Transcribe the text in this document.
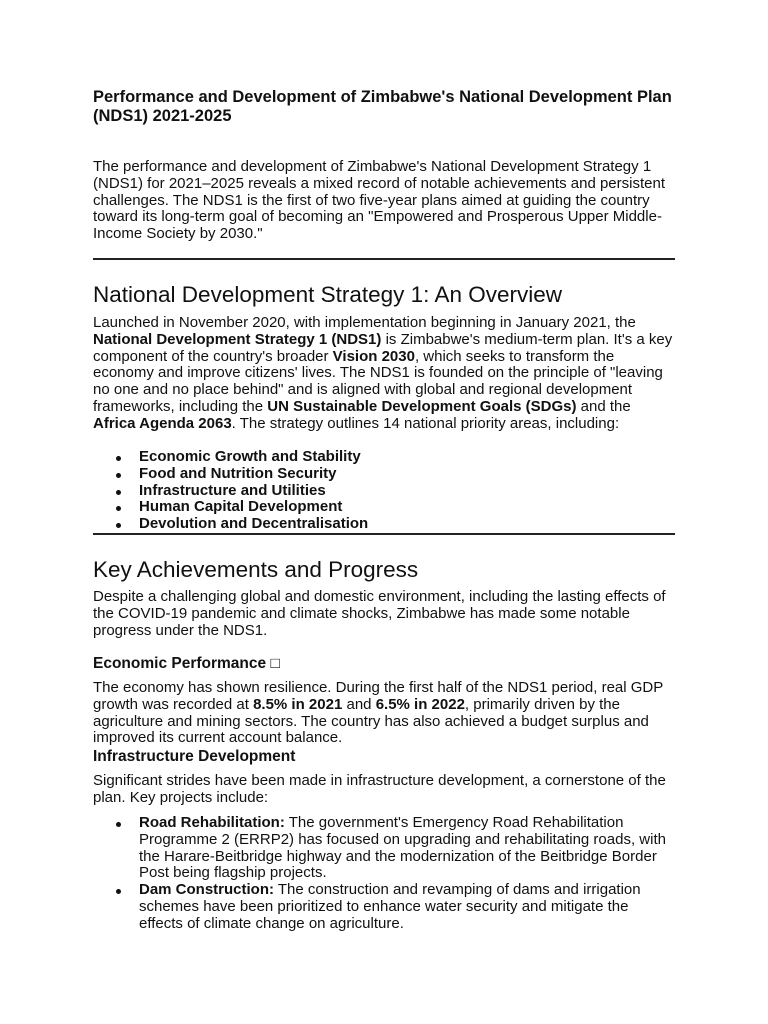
Performance and Development of Zimbabwe's National Development Plan (NDS1) 2021-2025

The performance and development of Zimbabwe's National Development Strategy 1 (NDS1) for 2021–2025 reveals a mixed record of notable achievements and persistent challenges. The NDS1 is the first of two five-year plans aimed at guiding the country toward its long-term goal of becoming an "Empowered and Prosperous Upper Middle-Income Society by 2030."

National Development Strategy 1: An Overview

Launched in November 2020, with implementation beginning in January 2021, the National Development Strategy 1 (NDS1) is Zimbabwe's medium-term plan. It's a key component of the country's broader Vision 2030, which seeks to transform the economy and improve citizens' lives. The NDS1 is founded on the principle of "leaving no one and no place behind" and is aligned with global and regional development frameworks, including the UN Sustainable Development Goals (SDGs) and the Africa Agenda 2063. The strategy outlines 14 national priority areas, including:

Economic Growth and Stability
Food and Nutrition Security
Infrastructure and Utilities
Human Capital Development
Devolution and Decentralisation
Key Achievements and Progress

Despite a challenging global and domestic environment, including the lasting effects of the COVID-19 pandemic and climate shocks, Zimbabwe has made some notable progress under the NDS1.

Economic Performance □

The economy has shown resilience. During the first half of the NDS1 period, real GDP growth was recorded at 8.5% in 2021 and 6.5% in 2022, primarily driven by the agriculture and mining sectors. The country has also achieved a budget surplus and improved its current account balance.

Infrastructure Development

Significant strides have been made in infrastructure development, a cornerstone of the plan. Key projects include:

Road Rehabilitation: The government's Emergency Road Rehabilitation Programme 2 (ERRP2) has focused on upgrading and rehabilitating roads, with the Harare-Beitbridge highway and the modernization of the Beitbridge Border Post being flagship projects.
Dam Construction: The construction and revamping of dams and irrigation schemes have been prioritized to enhance water security and mitigate the effects of climate change on agriculture.
